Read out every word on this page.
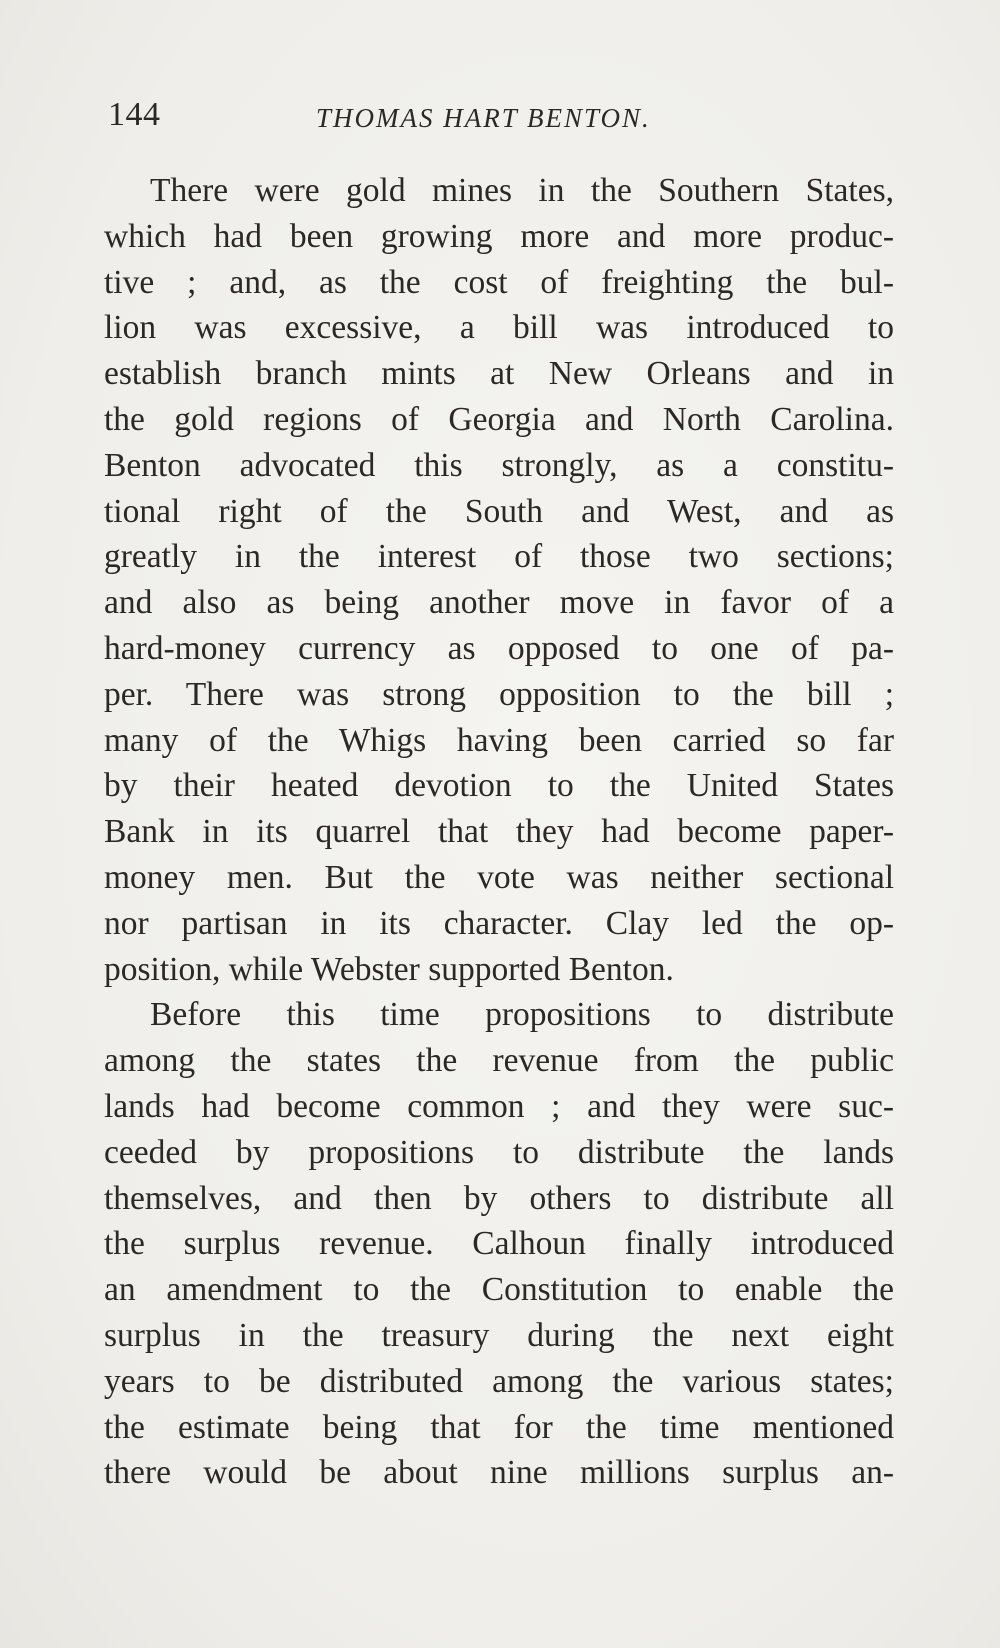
144	THOMAS HART BENTON.
There were gold mines in the Southern States,
which had been growing more and more produc-
tive ; and, as the cost of freighting the bul-
lion was excessive, a bill was introduced to
establish branch mints at New Orleans and in
the gold regions of Georgia and North Carolina.
Benton advocated this strongly, as a constitu-
tional right of the South and West, and as
greatly in the interest of those two sections;
and also as being another move in favor of a
hard-money currency as opposed to one of pa-
per. There was strong opposition to the bill ;
many of the Whigs having been carried so far
by their heated devotion to the United States
Bank in its quarrel that they had become paper-
money men. But the vote was neither sectional
nor partisan in its character. Clay led the op-
position, while Webster supported Benton.
Before this time propositions to distribute
among the states the revenue from the public
lands had become common ; and they were suc-
ceeded by propositions to distribute the lands
themselves, and then by others to distribute all
the surplus revenue. Calhoun finally introduced
an amendment to the Constitution to enable the
surplus in the treasury during the next eight
years to be distributed among the various states;
the estimate being that for the time mentioned
there would be about nine millions surplus an-
